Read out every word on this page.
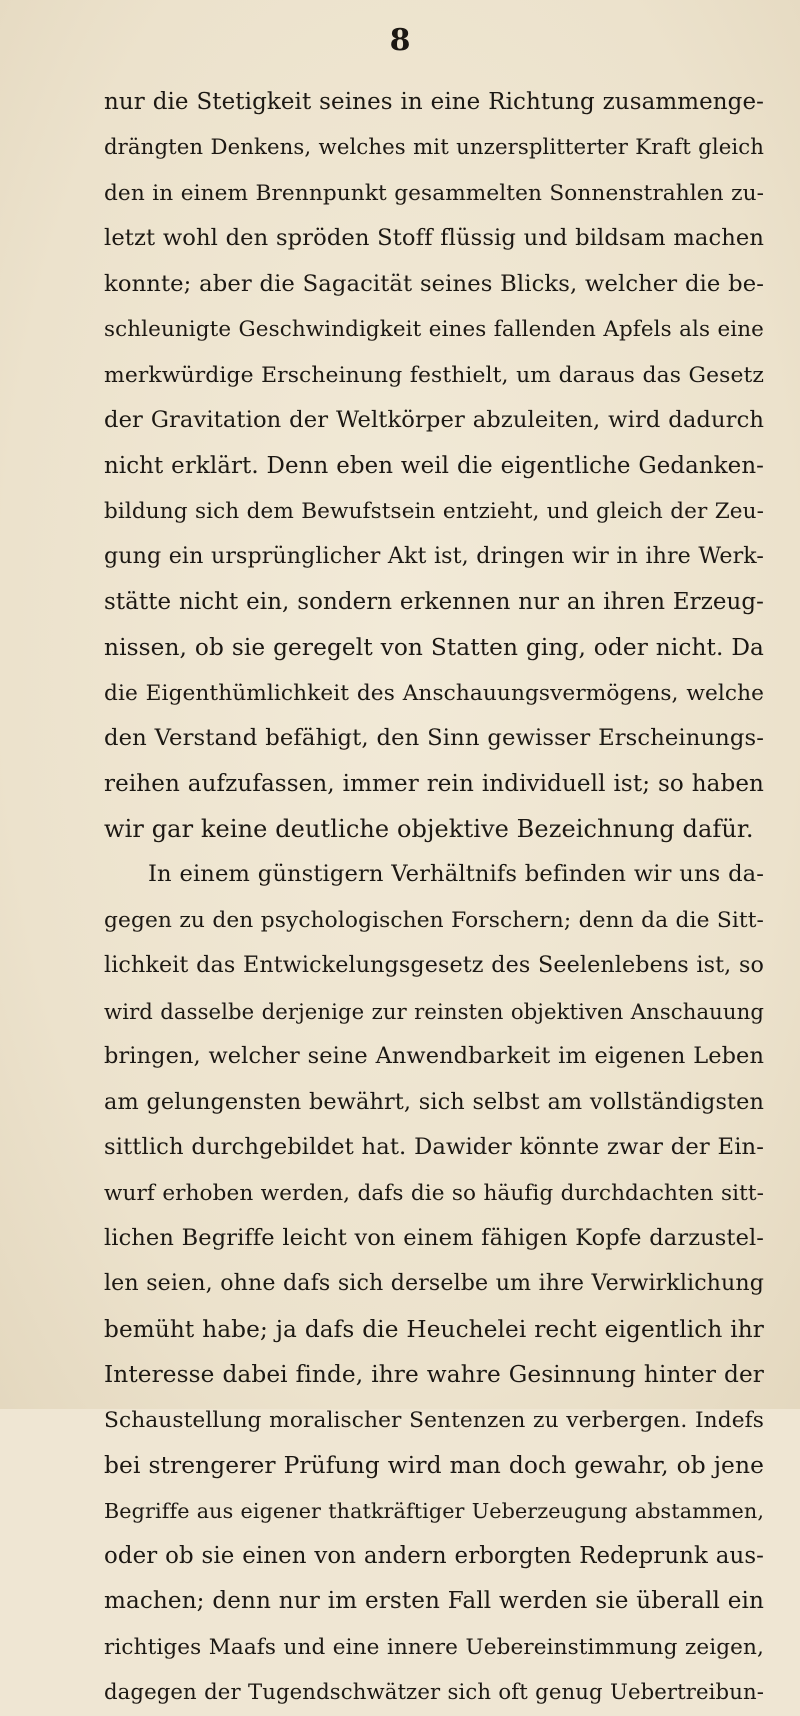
8
nur die Stetigkeit seines in eine Richtung zusammenge-
drängten Denkens, welches mit unzersplitterter Kraft gleich
den in einem Brennpunkt gesammelten Sonnenstrahlen zu-
letzt wohl den spröden Stoff flüssig und bildsam machen
konnte; aber die Sagacität seines Blicks, welcher die be-
schleunigte Geschwindigkeit eines fallenden Apfels als eine
merkwürdige Erscheinung festhielt, um daraus das Gesetz
der Gravitation der Weltkörper abzuleiten, wird dadurch
nicht erklärt. Denn eben weil die eigentliche Gedanken-
bildung sich dem Bewufstsein entzieht, und gleich der Zeu-
gung ein ursprünglicher Akt ist, dringen wir in ihre Werk-
stätte nicht ein, sondern erkennen nur an ihren Erzeug-
nissen, ob sie geregelt von Statten ging, oder nicht. Da
die Eigenthümlichkeit des Anschauungsvermögens, welche
den Verstand befähigt, den Sinn gewisser Erscheinungs-
reihen aufzufassen, immer rein individuell ist; so haben
wir gar keine deutliche objektive Bezeichnung dafür.
In einem günstigern Verhältnifs befinden wir uns da-
gegen zu den psychologischen Forschern; denn da die Sitt-
lichkeit das Entwickelungsgesetz des Seelenlebens ist, so
wird dasselbe derjenige zur reinsten objektiven Anschauung
bringen, welcher seine Anwendbarkeit im eigenen Leben
am gelungensten bewährt, sich selbst am vollständigsten
sittlich durchgebildet hat. Dawider könnte zwar der Ein-
wurf erhoben werden, dafs die so häufig durchdachten sitt-
lichen Begriffe leicht von einem fähigen Kopfe darzustel-
len seien, ohne dafs sich derselbe um ihre Verwirklichung
bemüht habe; ja dafs die Heuchelei recht eigentlich ihr
Interesse dabei finde, ihre wahre Gesinnung hinter der
Schaustellung moralischer Sentenzen zu verbergen. Indefs
bei strengerer Prüfung wird man doch gewahr, ob jene
Begriffe aus eigener thatkräftiger Ueberzeugung abstammen,
oder ob sie einen von andern erborgten Redeprunk aus-
machen; denn nur im ersten Fall werden sie überall ein
richtiges Maafs und eine innere Uebereinstimmung zeigen,
dagegen der Tugendschwätzer sich oft genug Uebertreibun-
